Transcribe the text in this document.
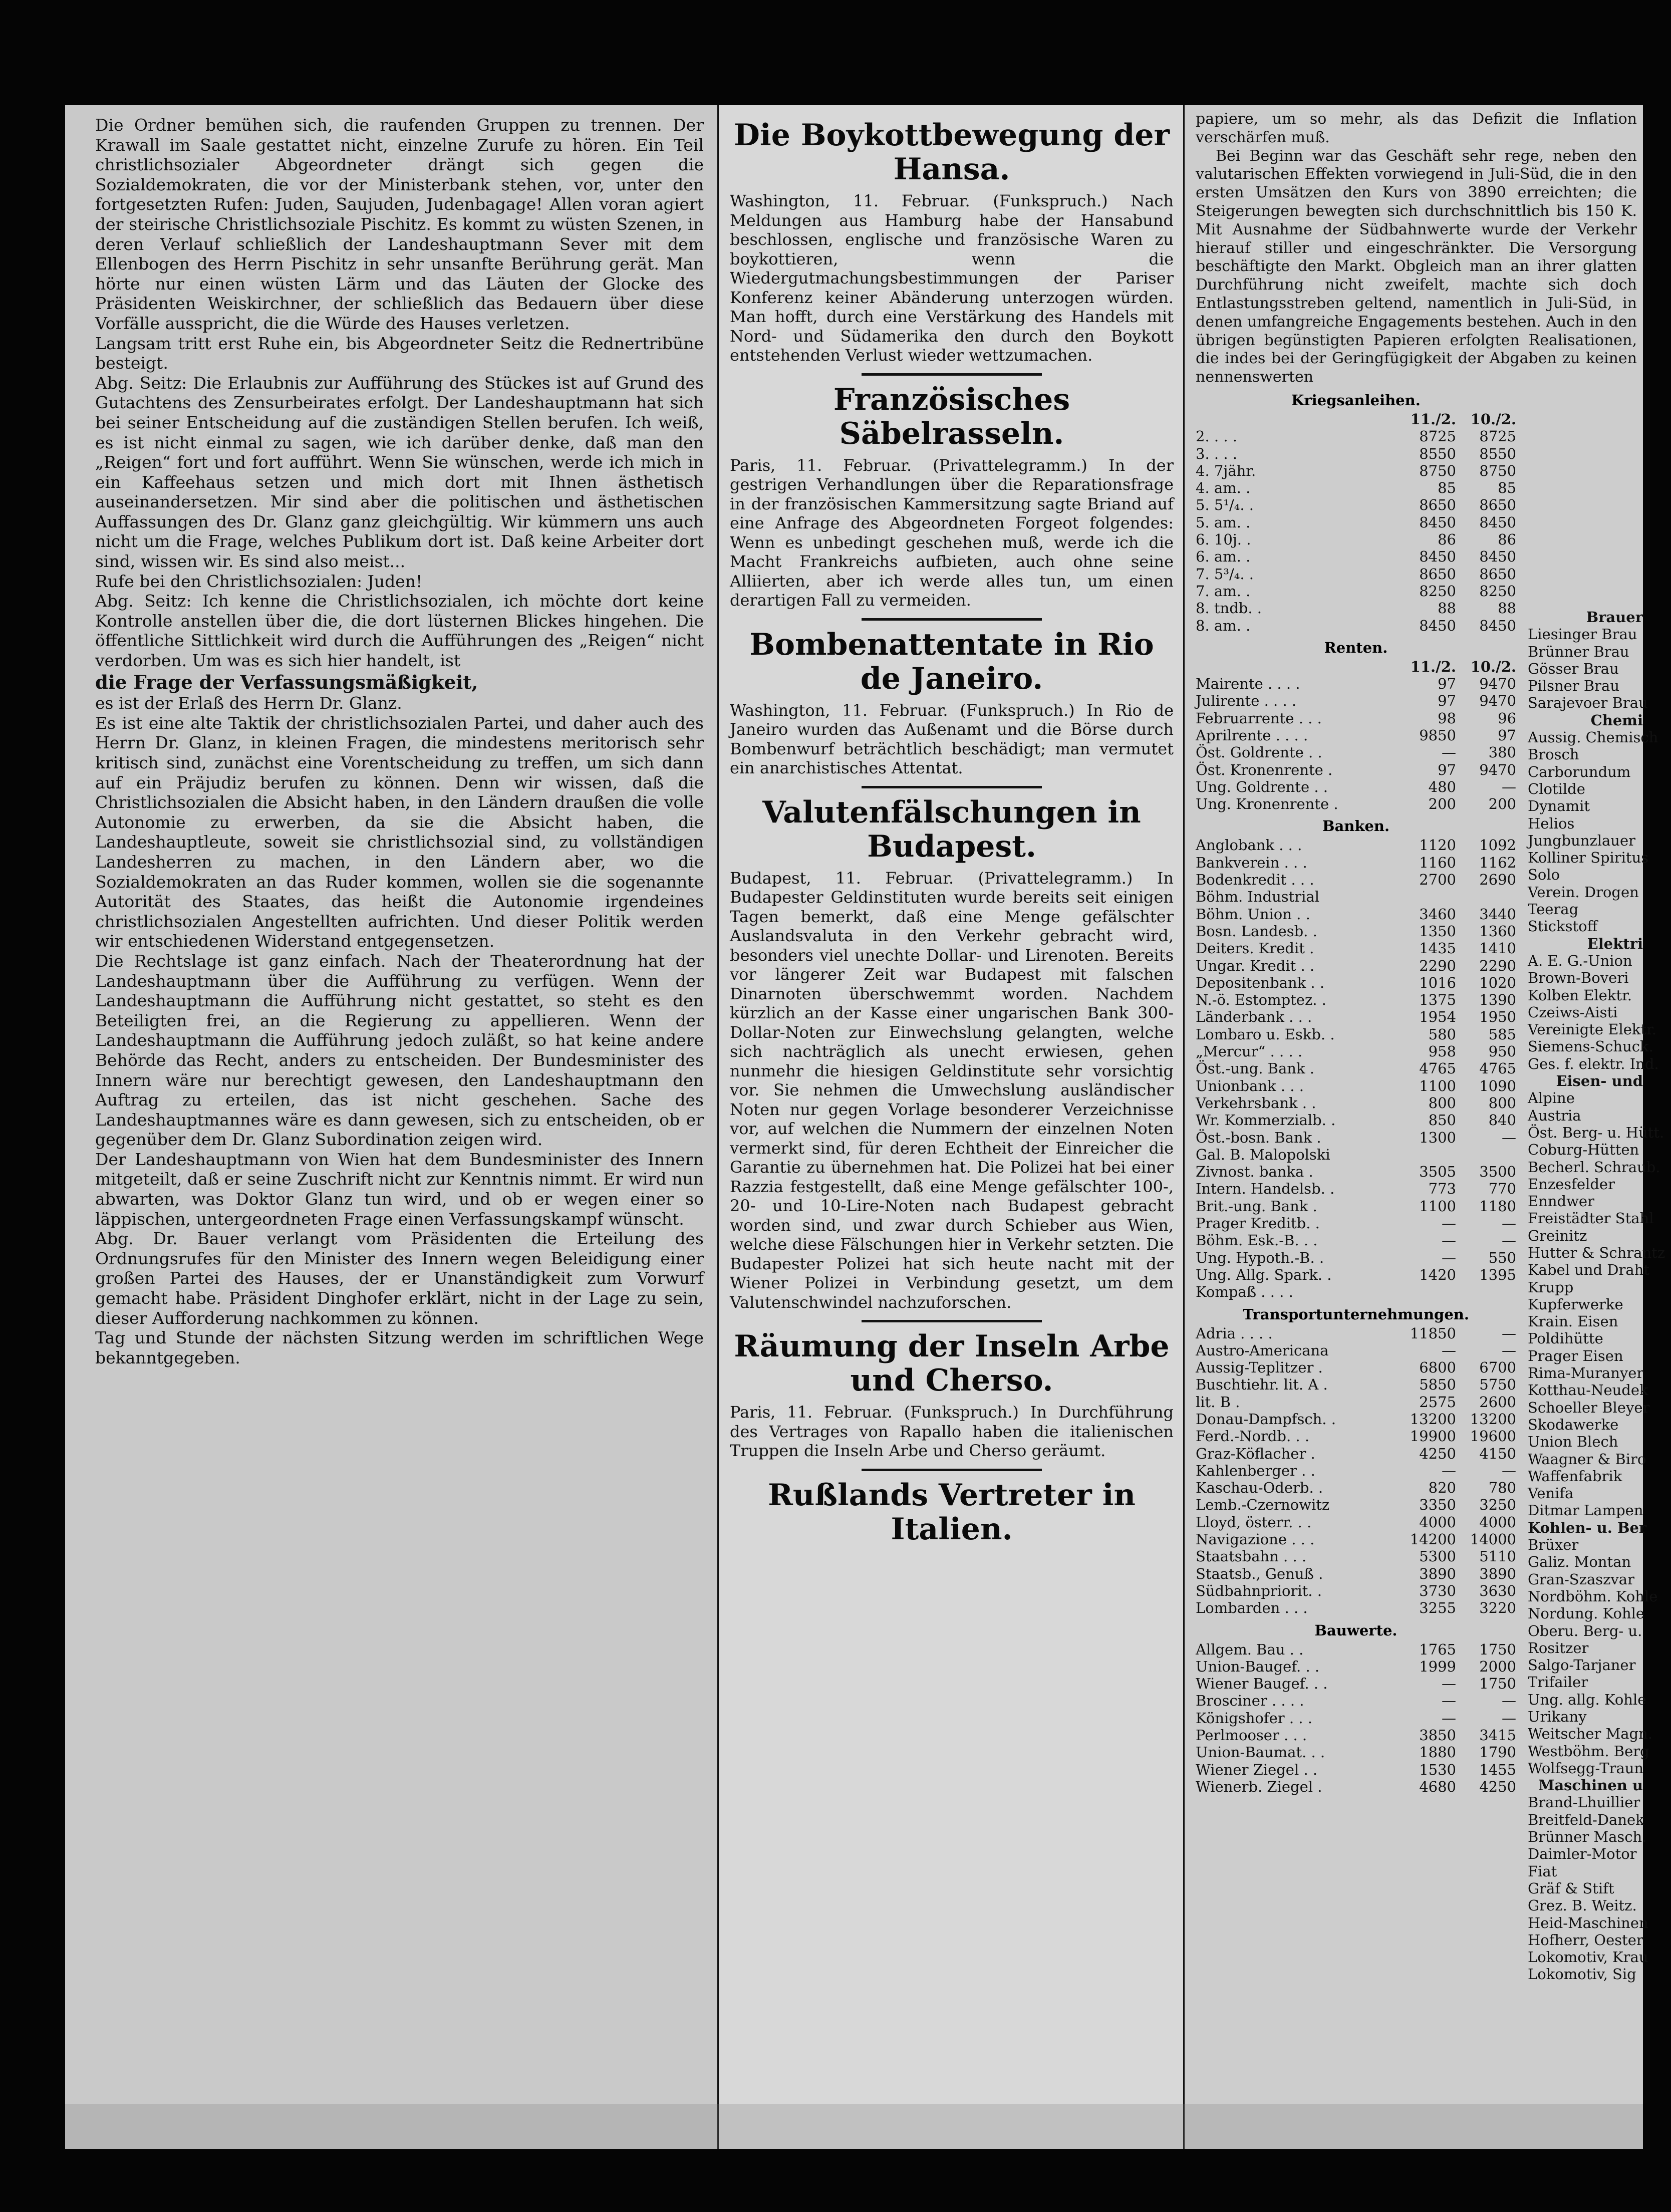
Die Ordner bemühen sich, die raufenden Gruppen zu trennen. Der Krawall im Saale gestattet nicht, einzelne Zurufe zu hören. Ein Teil christlichsozialer Abgeordneter drängt sich gegen die Sozialdemokraten, die vor der Ministerbank stehen, vor, unter den fortgesetzten Rufen: Juden, Saujuden, Judenbagage! Allen voran agiert der steirische Christlichsoziale Pischitz. Es kommt zu wüsten Szenen, in deren Verlauf schließlich der Landeshauptmann Sever mit dem Ellenbogen des Herrn Pischitz in sehr unsanfte Berührung gerät. Man hörte nur einen wüsten Lärm und das Läuten der Glocke des Präsidenten Weiskirchner, der schließlich das Bedauern über diese Vorfälle ausspricht, die die Würde des Hauses verletzen.

Langsam tritt erst Ruhe ein, bis Abgeordneter Seitz die Rednertribüne besteigt.

Abg. Seitz: Die Erlaubnis zur Aufführung des Stückes ist auf Grund des Gutachtens des Zensurbeirates erfolgt. Der Landeshauptmann hat sich bei seiner Entscheidung auf die zuständigen Stellen berufen. Ich weiß, es ist nicht einmal zu sagen, wie ich darüber denke, daß man den „Reigen“ fort und fort aufführt. Wenn Sie wünschen, werde ich mich in ein Kaffeehaus setzen und mich dort mit Ihnen ästhetisch auseinandersetzen. Mir sind aber die politischen und ästhetischen Auffassungen des Dr. Glanz ganz gleichgültig. Wir kümmern uns auch nicht um die Frage, welches Publikum dort ist. Daß keine Arbeiter dort sind, wissen wir. Es sind also meist...

Rufe bei den Christlichsozialen: Juden!

Abg. Seitz: Ich kenne die Christlichsozialen, ich möchte dort keine Kontrolle anstellen über die, die dort lüsternen Blickes hingehen. Die öffentliche Sittlichkeit wird durch die Aufführungen des „Reigen“ nicht verdorben. Um was es sich hier handelt, ist

die Frage der Verfassungsmäßigkeit,

es ist der Erlaß des Herrn Dr. Glanz.

Es ist eine alte Taktik der christlichsozialen Partei, und daher auch des Herrn Dr. Glanz, in kleinen Fragen, die mindestens meritorisch sehr kritisch sind, zunächst eine Vorentscheidung zu treffen, um sich dann auf ein Präjudiz berufen zu können. Denn wir wissen, daß die Christlichsozialen die Absicht haben, in den Ländern draußen die volle Autonomie zu erwerben, da sie die Absicht haben, die Landeshauptleute, soweit sie christlichsozial sind, zu vollständigen Landesherren zu machen, in den Ländern aber, wo die Sozialdemokraten an das Ruder kommen, wollen sie die sogenannte Autorität des Staates, das heißt die Autonomie irgendeines christlichsozialen Angestellten aufrichten. Und dieser Politik werden wir entschiedenen Widerstand entgegensetzen.

Die Rechtslage ist ganz einfach. Nach der Theaterordnung hat der Landeshauptmann über die Aufführung zu verfügen. Wenn der Landeshauptmann die Aufführung nicht gestattet, so steht es den Beteiligten frei, an die Regierung zu appellieren. Wenn der Landeshauptmann die Aufführung jedoch zuläßt, so hat keine andere Behörde das Recht, anders zu entscheiden. Der Bundesminister des Innern wäre nur berechtigt gewesen, den Landeshauptmann den Auftrag zu erteilen, das ist nicht geschehen. Sache des Landeshauptmannes wäre es dann gewesen, sich zu entscheiden, ob er gegenüber dem Dr. Glanz Subordination zeigen wird.

Der Landeshauptmann von Wien hat dem Bundesminister des Innern mitgeteilt, daß er seine Zuschrift nicht zur Kenntnis nimmt. Er wird nun abwarten, was Doktor Glanz tun wird, und ob er wegen einer so läppischen, untergeordneten Frage einen Verfassungskampf wünscht.

Abg. Dr. Bauer verlangt vom Präsidenten die Erteilung des Ordnungsrufes für den Minister des Innern wegen Beleidigung einer großen Partei des Hauses, der er Unanständigkeit zum Vorwurf gemacht habe. Präsident Dinghofer erklärt, nicht in der Lage zu sein, dieser Aufforderung nachkommen zu können.

Tag und Stunde der nächsten Sitzung werden im schriftlichen Wege bekanntgegeben.

Die Boykottbewegung der Hansa.

Washington, 11. Februar. (Funkspruch.) Nach Meldungen aus Hamburg habe der Hansabund beschlossen, englische und französische Waren zu boykottieren, wenn die Wiedergutmachungsbestimmungen der Pariser Konferenz keiner Abänderung unterzogen würden. Man hofft, durch eine Verstärkung des Handels mit Nord- und Südamerika den durch den Boykott entstehenden Verlust wieder wettzumachen.

Französisches Säbelrasseln.

Paris, 11. Februar. (Privattelegramm.) In der gestrigen Verhandlungen über die Reparationsfrage in der französischen Kammersitzung sagte Briand auf eine Anfrage des Abgeordneten Forgeot folgendes: Wenn es unbedingt geschehen muß, werde ich die Macht Frankreichs aufbieten, auch ohne seine Alliierten, aber ich werde alles tun, um einen derartigen Fall zu vermeiden.

Bombenattentate in Rio de Janeiro.

Washington, 11. Februar. (Funkspruch.) In Rio de Janeiro wurden das Außenamt und die Börse durch Bombenwurf beträchtlich beschädigt; man vermutet ein anarchistisches Attentat.

Valutenfälschungen in Budapest.

Budapest, 11. Februar. (Privattelegramm.) In Budapester Geldinstituten wurde bereits seit einigen Tagen bemerkt, daß eine Menge gefälschter Auslandsvaluta in den Verkehr gebracht wird, besonders viel unechte Dollar- und Lirenoten. Bereits vor längerer Zeit war Budapest mit falschen Dinarnoten überschwemmt worden. Nachdem kürzlich an der Kasse einer ungarischen Bank 300-Dollar-Noten zur Einwechslung gelangten, welche sich nachträglich als unecht erwiesen, gehen nunmehr die hiesigen Geldinstitute sehr vorsichtig vor. Sie nehmen die Umwechslung ausländischer Noten nur gegen Vorlage besonderer Verzeichnisse vor, auf welchen die Nummern der einzelnen Noten vermerkt sind, für deren Echtheit der Einreicher die Garantie zu übernehmen hat. Die Polizei hat bei einer Razzia festgestellt, daß eine Menge gefälschter 100-, 20- und 10-Lire-Noten nach Budapest gebracht worden sind, und zwar durch Schieber aus Wien, welche diese Fälschungen hier in Verkehr setzten. Die Budapester Polizei hat sich heute nacht mit der Wiener Polizei in Verbindung gesetzt, um dem Valutenschwindel nachzuforschen.

Räumung der Inseln Arbe und Cherso.

Paris, 11. Februar. (Funkspruch.) In Durchführung des Vertrages von Rapallo haben die italienischen Truppen die Inseln Arbe und Cherso geräumt.

Rußlands Vertreter in Italien.

papiere, um so mehr, als das Defizit die Inflation verschärfen muß.

Bei Beginn war das Geschäft sehr rege, neben den valutarischen Effekten vorwiegend in Juli-Süd, die in den ersten Umsätzen den Kurs von 3890 erreichten; die Steigerungen bewegten sich durchschnittlich bis 150 K. Mit Ausnahme der Südbahnwerte wurde der Verkehr hierauf stiller und eingeschränkter. Die Versorgung beschäftigte den Markt. Obgleich man an ihrer glatten Durchführung nicht zweifelt, machte sich doch Entlastungsstreben geltend, namentlich in Juli-Süd, in denen umfangreiche Engagements bestehen. Auch in den übrigen begünstigten Papieren erfolgten Realisationen, die indes bei der Geringfügigkeit der Abgaben zu keinen nennenswerten

Kriegsanleihen.
	11./2.	10./2.
2. . . .	8725	8725
3. . . .	8550	8550
4. 7jähr.	8750	8750
4. am. .	85	85
5. 5¹/₄. .	8650	8650
5. am. .	8450	8450
6. 10j. .	86	86
6. am. .	8450	8450
7. 5³/₄. .	8650	8650
7. am. .	8250	8250
8. tndb. .	88	88
8. am. .	8450	8450
Renten.
	11./2.	10./2.
Mairente . . . .	97	9470
Julirente . . . .	97	9470
Februarrente . . .	98	96
Aprilrente . . . .	9850	97
Öst. Goldrente . .	—	380
Öst. Kronenrente .	97	9470
Ung. Goldrente . .	480	—
Ung. Kronenrente .	200	200
Banken.
Anglobank . . .	1120	1092
Bankverein . . .	1160	1162
Bodenkredit . . .	2700	2690
Böhm. Industrial		
Böhm. Union . .	3460	3440
Bosn. Landesb. .	1350	1360
Deiters. Kredit .	1435	1410
Ungar. Kredit . .	2290	2290
Depositenbank . .	1016	1020
N.-ö. Estomptez. .	1375	1390
Länderbank . . .	1954	1950
Lombaro u. Eskb. .	580	585
„Mercur“ . . . .	958	950
Öst.-ung. Bank .	4765	4765
Unionbank . . .	1100	1090
Verkehrsbank . .	800	800
Wr. Kommerzialb. .	850	840
Öst.-bosn. Bank .	1300	—
Gal. B. Malopolski		
Zivnost. banka .	3505	3500
Intern. Handelsb. .	773	770
Brit.-ung. Bank .	1100	1180
Prager Kreditb. .	—	—
Böhm. Esk.-B. . .	—	—
Ung. Hypoth.-B. .	—	550
Ung. Allg. Spark. .	1420	1395
Kompaß . . . .		
Transportunternehmungen.
Adria . . . .	11850	—
Austro-Americana	—	—
Aussig-Teplitzer .	6800	6700
Buschtiehr. lit. A .	5850	5750
lit. B .	2575	2600
Donau-Dampfsch. .	13200	13200
Ferd.-Nordb. . .	19900	19600
Graz-Köflacher .	4250	4150
Kahlenberger . .	—	—
Kaschau-Oderb. .	820	780
Lemb.-Czernowitz	3350	3250
Lloyd, österr. . .	4000	4000
Navigazione . . .	14200	14000
Staatsbahn . . .	5300	5110
Staatsb., Genuß .	3890	3890
Südbahnpriorit. .	3730	3630
Lombarden . . .	3255	3220
Bauwerte.
Allgem. Bau . .	1765	1750
Union-Baugef. . .	1999	2000
Wiener Baugef. . .	—	1750
Brosciner . . . .	—	—
Königshofer . . .	—	—
Perlmooser . . .	3850	3415
Union-Baumat. . .	1880	1790
Wiener Ziegel . .	1530	1455
Wienerb. Ziegel .	4680	4250
Brauer
Liesinger Brau
Brünner Brau
Gösser Brau
Pilsner Brau
Sarajevoer Brau
Chemi
Aussig. Chemisch
Brosch
Carborundum
Clotilde
Dynamit
Helios
Jungbunzlauer
Kolliner Spiritus
Solo
Verein. Drogen
Teerag
Stickstoff
Elektri
A. E. G.-Union
Brown-Boveri
Kolben Elektr.
Czeiws-Aisti
Vereinigte Elektr.
Siemens-Schuck.
Ges. f. elektr. Ind.
Eisen- und
Alpine
Austria
Öst. Berg- u. Hütt.
Coburg-Hütten
Becherl. Schraub.
Enzesfelder
Enndwer
Freistädter Stahl
Greinitz
Hutter & Schrantz
Kabel und Draht
Krupp
Kupferwerke
Krain. Eisen
Poldihütte
Prager Eisen
Rima-Muranyer
Kotthau-Neudek
Schoeller Bleyer
Skodawerke
Union Blech
Waagner & Biro
Waffenfabrik
Venifa
Ditmar Lampen
Kohlen- u. Ber
Brüxer
Galiz. Montan
Gran-Szaszvar
Nordböhm. Kohle
Nordung. Kohle
Oberu. Berg- u.
Rositzer
Salgo-Tarjaner
Trifailer
Ung. allg. Kohle
Urikany
Weitscher Magn.
Westböhm. Berg
Wolfsegg-Traun
Maschinen u
Brand-Lhuillier
Breitfeld-Danek
Brünner Masch.
Daimler-Motor
Fiat
Gräf & Stift
Grez. B. Weitz.
Heid-Maschinen
Hofherr, Oester
Lokomotiv, Krau
Lokomotiv, Sig
